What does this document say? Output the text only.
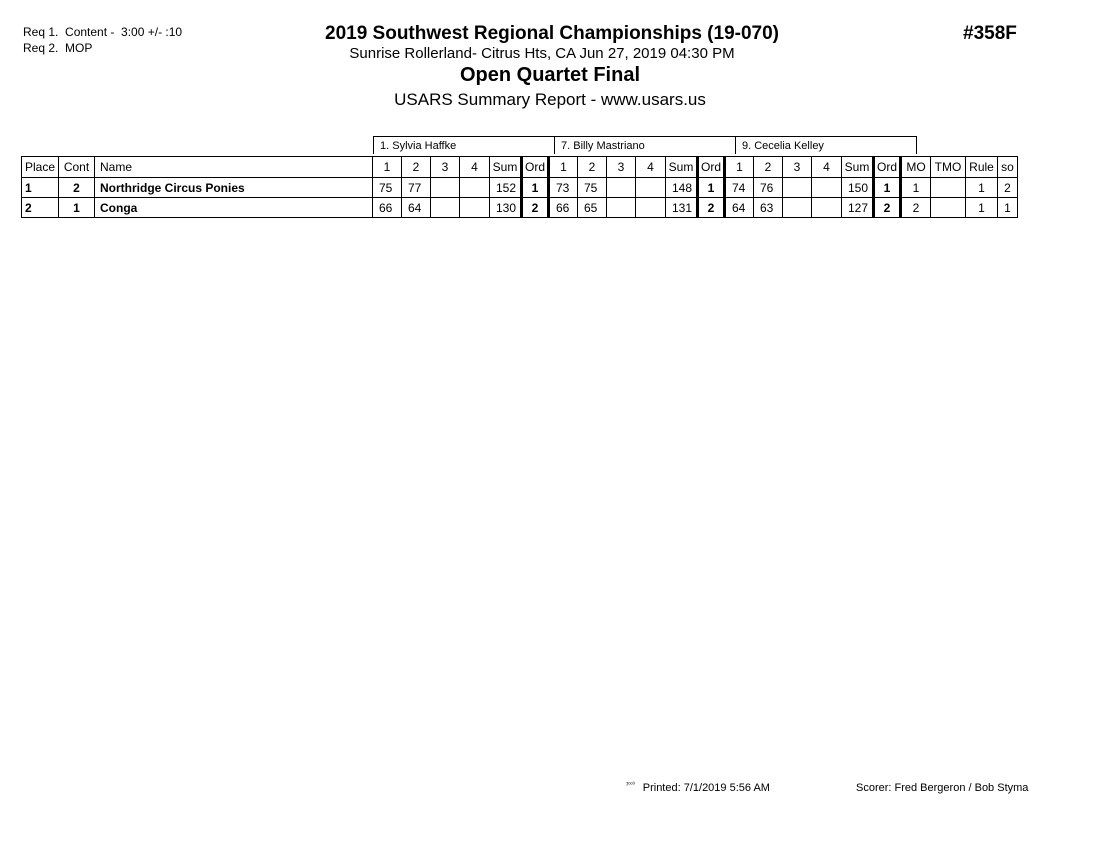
Req 1.  Content -  3:00 +/- :10
Req 2.  MOP
2019 Southwest Regional Championships (19-070)
Sunrise Rollerland- Citrus Hts, CA Jun 27, 2019 04:30 PM
Open Quartet Final
USARS Summary Report - www.usars.us
#358F
1. Sylvia Haffke	7. Billy Mastriano	9. Cecelia Kelley
Place	Cont	Name	1	2	3	4	Sum	Ord	1	2	3	4	Sum	Ord	1	2	3	4	Sum	Ord	MO	TMO	Rule	so
1	2	Northridge Circus Ponies	75	77			152	1	73	75			148	1	74	76			150	1	1		1	2
2	1	Conga	66	64			130	2	66	65			131	2	64	63			127	2	2		1	1
$^{ᶾᵒᵒ^3}$ Printed: 7/1/2019 5:56 AM	Scorer: Fred Bergeron / Bob Styma
